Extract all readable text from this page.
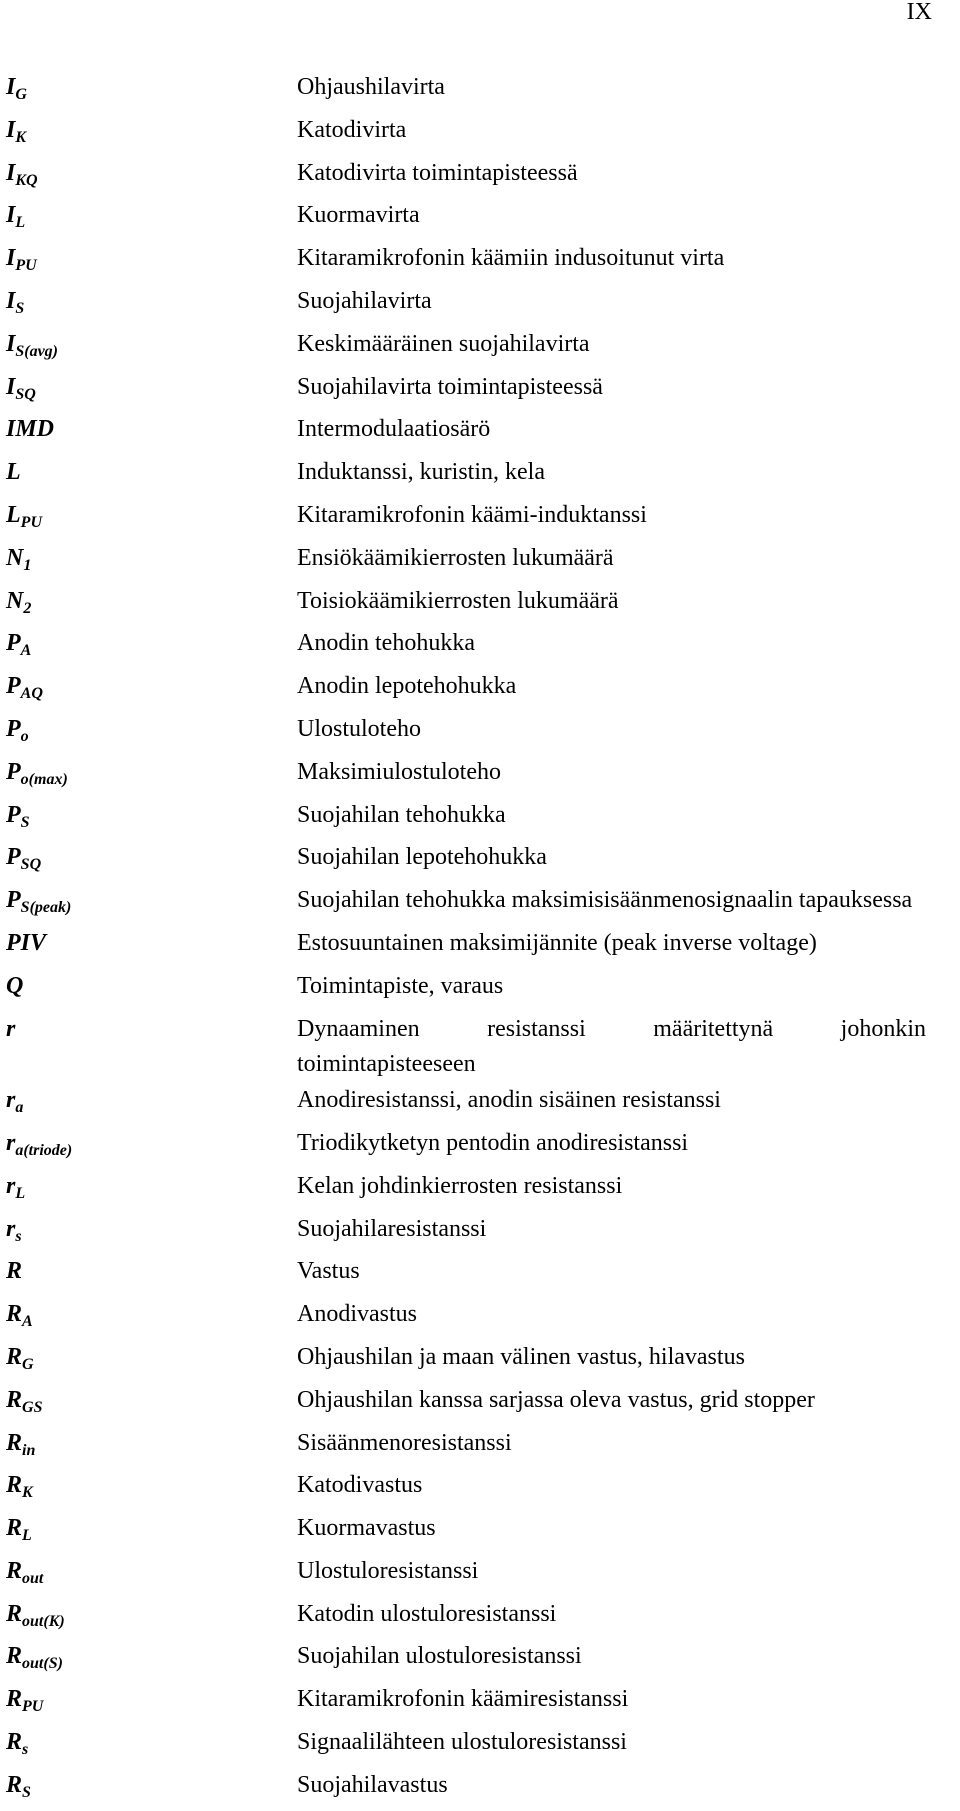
IX
$I_G$	Ohjaushilavirta
$I_K$	Katodivirta
$I_{KQ}$	Katodivirta toimintapisteessä
$I_L$	Kuormavirta
$I_{PU}$	Kitaramikrofonin käämiin indusoitunut virta
$I_S$	Suojahilavirta
$I_{S(avg)}$	Keskimääräinen suojahilavirta
$I_{SQ}$	Suojahilavirta toimintapisteessä
IMD	Intermodulaatiosärö
L	Induktanssi, kuristin, kela
$L_{PU}$	Kitaramikrofonin käämi-induktanssi
$N_1$	Ensiökäämikierrosten lukumäärä
$N_2$	Toisiokäämikierrosten lukumäärä
$P_A$	Anodin tehohukka
$P_{AQ}$	Anodin lepotehohukka
$P_o$	Ulostuloteho
$P_{o(max)}$	Maksimiulostuloteho
$P_S$	Suojahilan tehohukka
$P_{SQ}$	Suojahilan lepotehohukka
$P_{S(peak)}$	Suojahilan tehohukka maksimisisäänmenosignaalin tapauksessa
PIV	Estosuuntainen maksimijännite (peak inverse voltage)
Q	Toimintapiste, varaus
r	Dynaaminen resistanssi määritettynä johonkin toimintapisteeseen
$r_a$	Anodiresistanssi, anodin sisäinen resistanssi
$r_{a(triode)}$	Triodikytketyn pentodin anodiresistanssi
$r_L$	Kelan johdinkierrosten resistanssi
$r_s$	Suojahilaresistanssi
R	Vastus
$R_A$	Anodivastus
$R_G$	Ohjaushilan ja maan välinen vastus, hilavastus
$R_{GS}$	Ohjaushilan kanssa sarjassa oleva vastus, grid stopper
$R_{in}$	Sisäänmenoresistanssi
$R_K$	Katodivastus
$R_L$	Kuormavastus
$R_{out}$	Ulostuloresistanssi
$R_{out(K)}$	Katodin ulostuloresistanssi
$R_{out(S)}$	Suojahilan ulostuloresistanssi
$R_{PU}$	Kitaramikrofonin käämiresistanssi
$R_s$	Signaalilähteen ulostuloresistanssi
$R_S$	Suojahilavastus
